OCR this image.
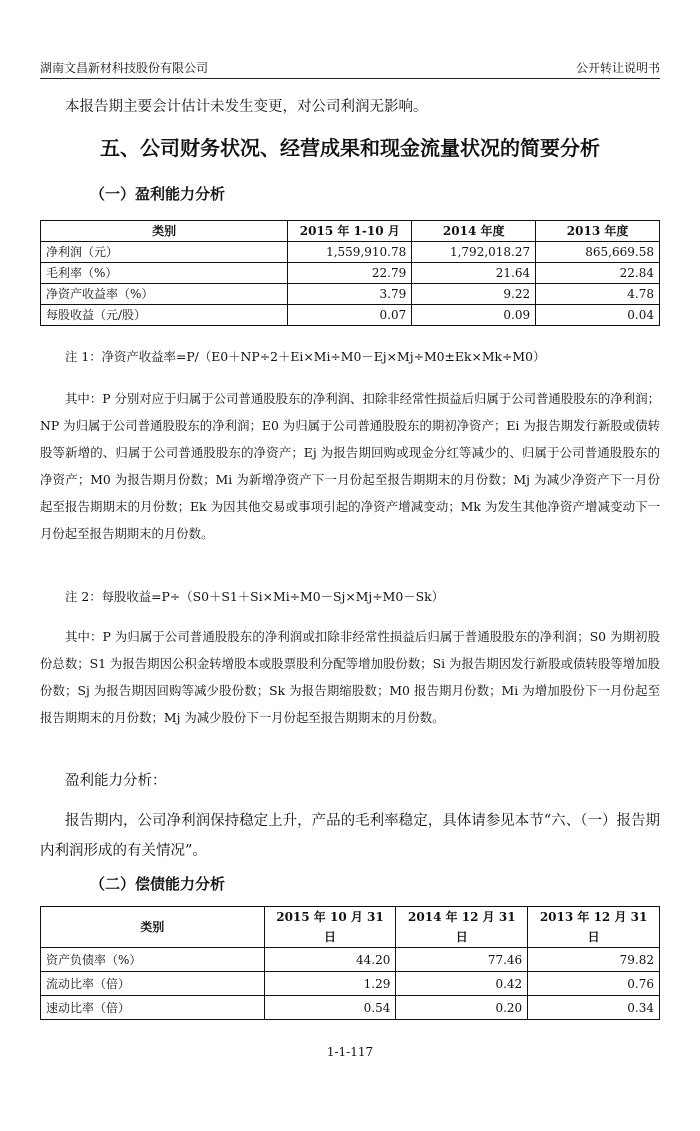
湖南文昌新材科技股份有限公司	公开转让说明书

本报告期主要会计估计未发生变更，对公司利润无影响。

五、公司财务状况、经营成果和现金流量状况的简要分析
（一）盈利能力分析
类别	2015 年 1-10 月	2014 年度	2013 年度
净利润（元）	1,559,910.78	1,792,018.27	865,669.58
毛利率（%）	22.79	21.64	22.84
净资产收益率（%）	3.79	9.22	4.78
每股收益（元/股）	0.07	0.09	0.04

注 1：净资产收益率=P/（E0＋NP÷2＋Ei×Mi÷M0－Ej×Mj÷M0±Ek×Mk÷M0）

其中：P 分别对应于归属于公司普通股股东的净利润、扣除非经常性损益后归属于公司普通股股东的净利润；NP 为归属于公司普通股股东的净利润；E0 为归属于公司普通股股东的期初净资产；Ei 为报告期发行新股或债转股等新增的、归属于公司普通股股东的净资产；Ej 为报告期回购或现金分红等减少的、归属于公司普通股股东的净资产；M0 为报告期月份数；Mi 为新增净资产下一月份起至报告期期末的月份数；Mj 为减少净资产下一月份起至报告期期末的月份数；Ek 为因其他交易或事项引起的净资产增减变动；Mk 为发生其他净资产增减变动下一月份起至报告期期末的月份数。

注 2：每股收益=P÷（S0＋S1＋Si×Mi÷M0－Sj×Mj÷M0－Sk）

其中：P 为归属于公司普通股股东的净利润或扣除非经常性损益后归属于普通股股东的净利润；S0 为期初股份总数；S1 为报告期因公积金转增股本或股票股利分配等增加股份数；Si 为报告期因发行新股或债转股等增加股份数；Sj 为报告期因回购等减少股份数；Sk 为报告期缩股数；M0 报告期月份数；Mi 为增加股份下一月份起至报告期期末的月份数；Mj 为减少股份下一月份起至报告期期末的月份数。

盈利能力分析：

报告期内，公司净利润保持稳定上升，产品的毛利率稳定，具体请参见本节“六、（一）报告期内利润形成的有关情况”。

（二）偿债能力分析
类别	2015 年 10 月 31 日	2014 年 12 月 31 日	2013 年 12 月 31 日
资产负债率（%）	44.20	77.46	79.82
流动比率（倍）	1.29	0.42	0.76
速动比率（倍）	0.54	0.20	0.34
1-1-117
